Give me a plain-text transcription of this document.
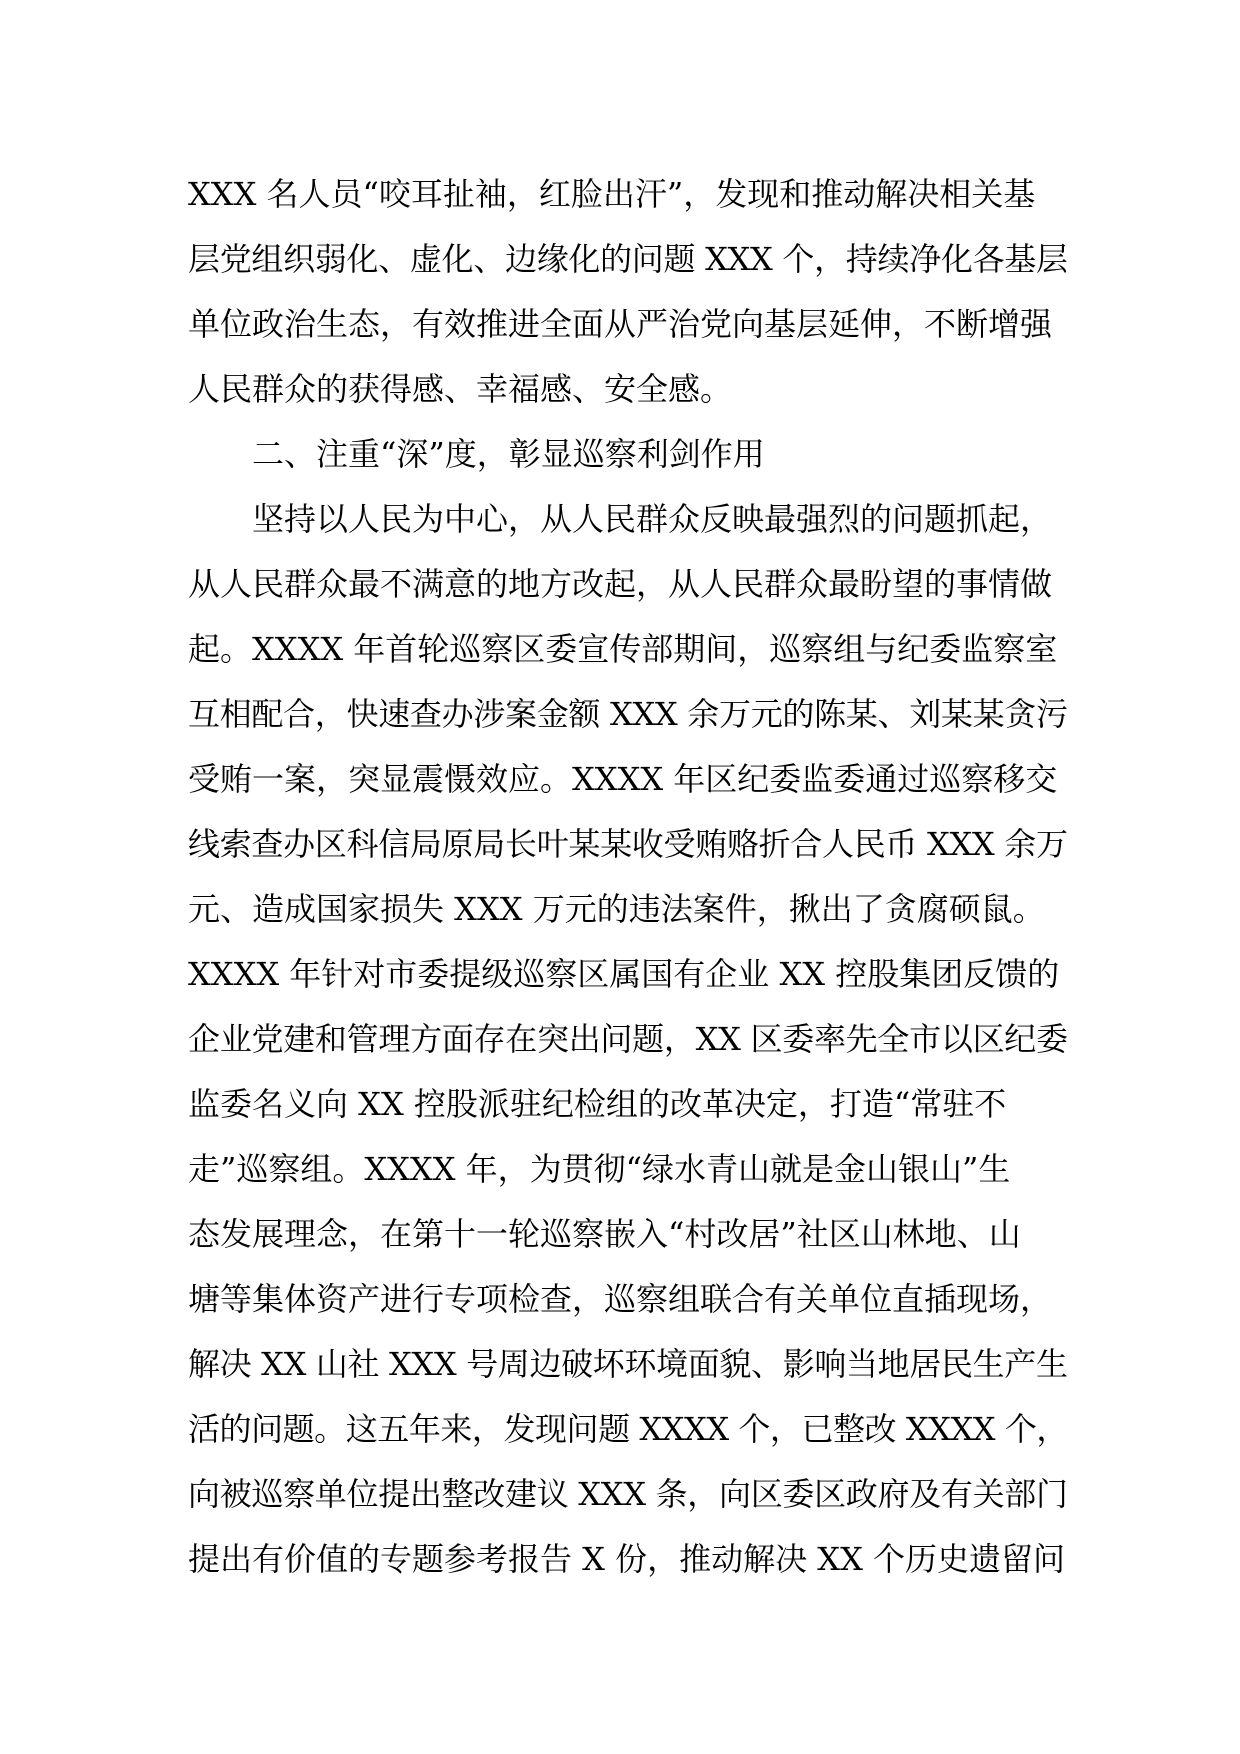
XXX 名人员“咬耳扯袖，红脸出汗”，发现和推动解决相关基
层党组织弱化、虚化、边缘化的问题 XXX 个，持续净化各基层
单位政治生态，有效推进全面从严治党向基层延伸，不断增强
人民群众的获得感、幸福感、安全感。
二、注重“深”度，彰显巡察利剑作用
坚持以人民为中心，从人民群众反映最强烈的问题抓起，
从人民群众最不满意的地方改起，从人民群众最盼望的事情做
起。XXXX 年首轮巡察区委宣传部期间，巡察组与纪委监察室
互相配合，快速查办涉案金额 XXX 余万元的陈某、刘某某贪污
受贿一案，突显震慑效应。XXXX 年区纪委监委通过巡察移交
线索查办区科信局原局长叶某某收受贿赂折合人民币 XXX 余万
元、造成国家损失 XXX 万元的违法案件，揪出了贪腐硕鼠。
XXXX 年针对市委提级巡察区属国有企业 XX 控股集团反馈的
企业党建和管理方面存在突出问题，XX 区委率先全市以区纪委
监委名义向 XX 控股派驻纪检组的改革决定，打造“常驻不
走”巡察组。XXXX 年，为贯彻“绿水青山就是金山银山”生
态发展理念，在第十一轮巡察嵌入“村改居”社区山林地、山
塘等集体资产进行专项检查，巡察组联合有关单位直插现场，
解决 XX 山社 XXX 号周边破坏环境面貌、影响当地居民生产生
活的问题。这五年来，发现问题 XXXX 个，已整改 XXXX 个，
向被巡察单位提出整改建议 XXX 条，向区委区政府及有关部门
提出有价值的专题参考报告 X 份，推动解决 XX 个历史遗留问
